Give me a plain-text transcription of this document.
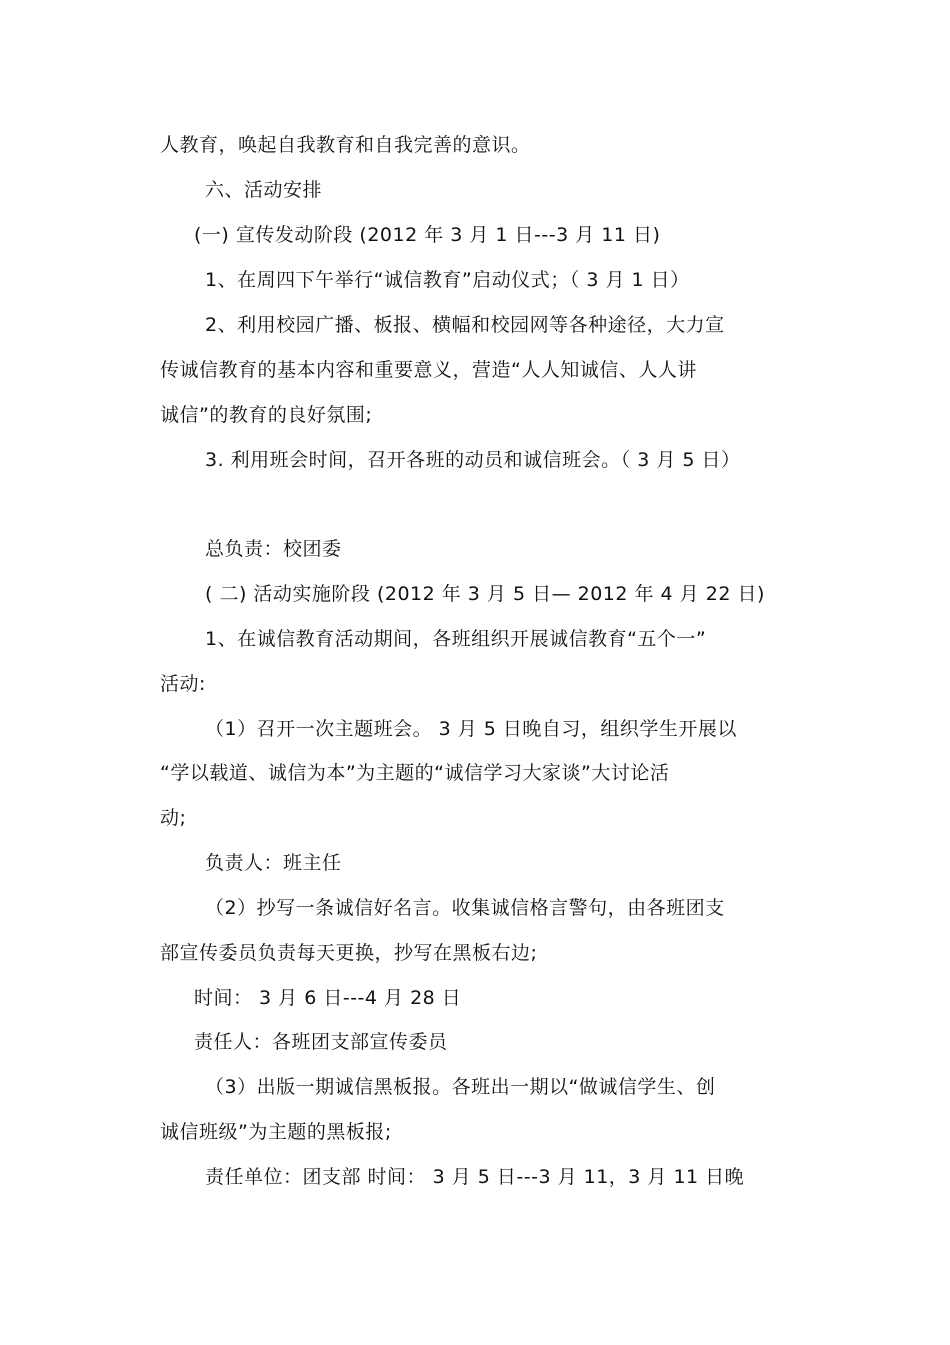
人教育，唤起自我教育和自我完善的意识。
六、活动安排
(一) 宣传发动阶段 (2012 年 3 月 1 日---3 月 11 日)
1、在周四下午举行“诚信教育”启动仪式；（ 3 月 1 日）
2、利用校园广播、板报、横幅和校园网等各种途径，大力宣
传诚信教育的基本内容和重要意义，营造“人人知诚信、人人讲
诚信”的教育的良好氛围;
3. 利用班会时间，召开各班的动员和诚信班会。（ 3 月 5 日）
总负责：校团委
( 二) 活动实施阶段 (2012 年 3 月 5 日— 2012 年 4 月 22 日)
1、在诚信教育活动期间，各班组织开展诚信教育“五个一”
活动:
（1）召开一次主题班会。 3 月 5 日晚自习，组织学生开展以
“学以载道、诚信为本”为主题的“诚信学习大家谈”大讨论活
动;
负责人：班主任
（2）抄写一条诚信好名言。收集诚信格言警句，由各班团支
部宣传委员负责每天更换，抄写在黑板右边;
时间： 3 月 6 日---4 月 28 日
责任人：各班团支部宣传委员
（3）出版一期诚信黑板报。各班出一期以“做诚信学生、创
诚信班级”为主题的黑板报;
责任单位：团支部 时间： 3 月 5 日---3 月 11，3 月 11 日晚
